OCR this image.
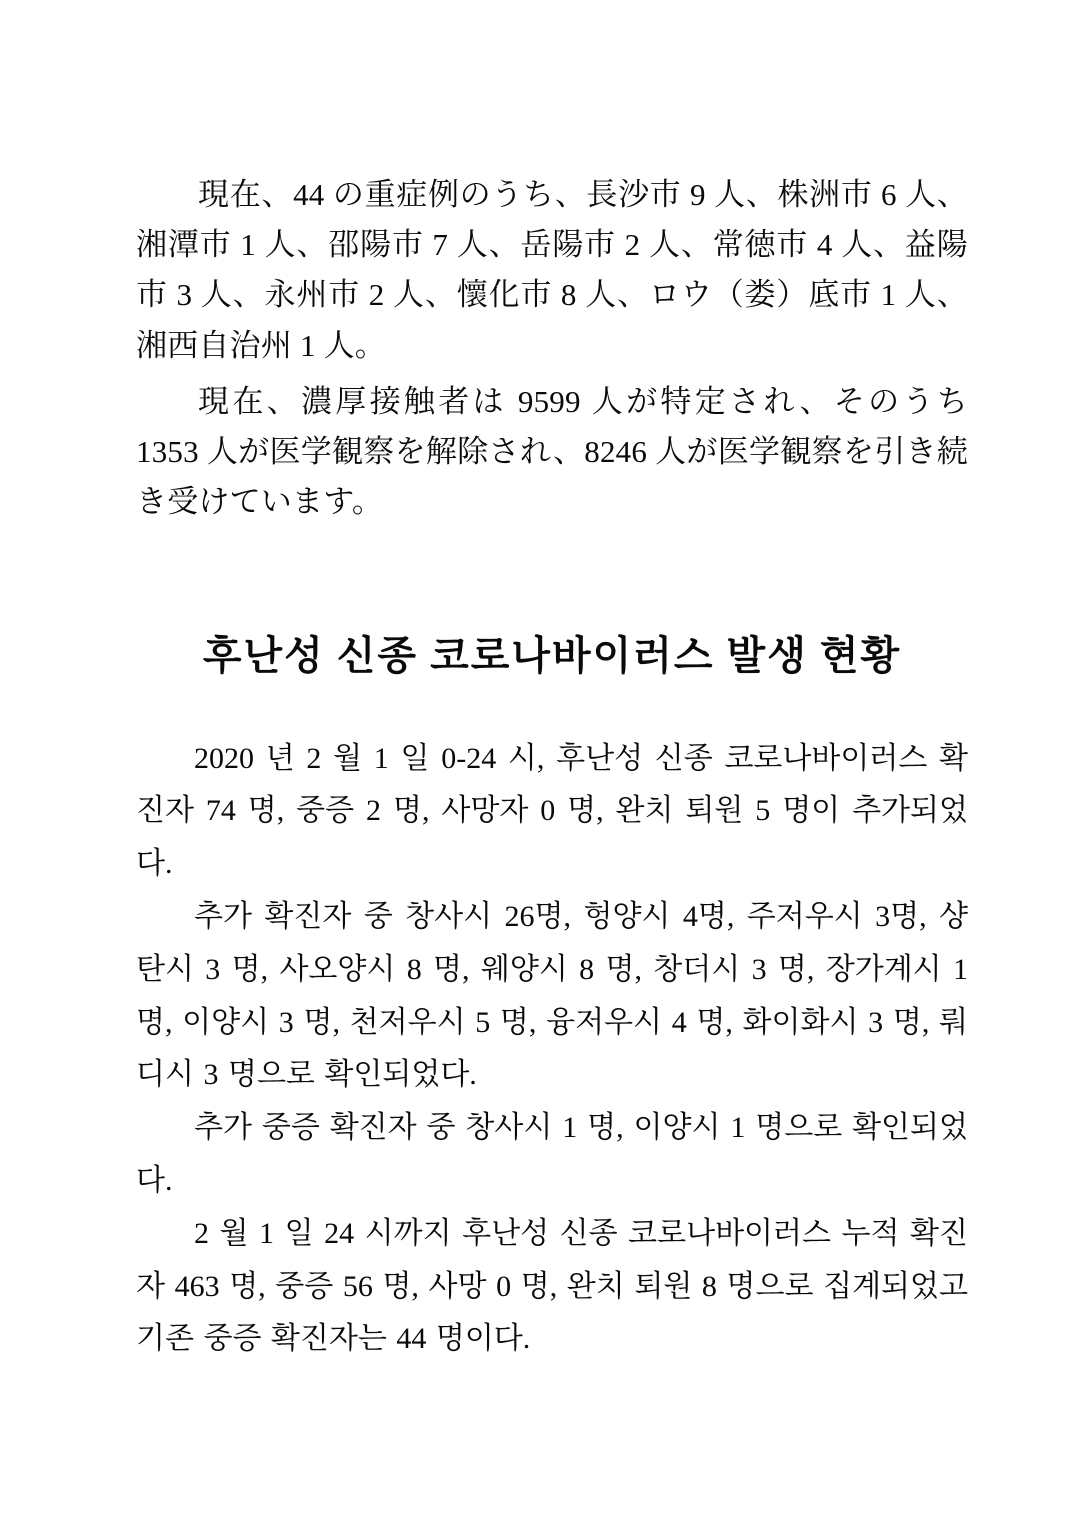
現在、44 の重症例のうち、長沙市 9 人、株洲市 6 人、湘潭市 1 人、邵陽市 7 人、岳陽市 2 人、常徳市 4 人、益陽市 3 人、永州市 2 人、懷化市 8 人、ロウ（娄）底市 1 人、湘西自治州 1 人。

現在、濃厚接触者は 9599 人が特定され、そのうち 1353 人が医学観察を解除され、8246 人が医学観察を引き続き受けています。

후난성 신종 코로나바이러스 발생 현황

2020 년 2 월 1 일 0-24 시, 후난성 신종 코로나바이러스 확진자 74 명, 중증 2 명, 사망자 0 명, 완치 퇴원 5 명이 추가되었다.

추가 확진자 중 창사시 26명, 헝양시 4명, 주저우시 3명, 샹탄시 3 명, 사오양시 8 명, 웨양시 8 명, 창더시 3 명, 장가계시 1 명, 이양시 3 명, 천저우시 5 명, 융저우시 4 명, 화이화시 3 명, 뤄디시 3 명으로 확인되었다.

추가 중증 확진자 중 창사시 1 명, 이양시 1 명으로 확인되었다.

2 월 1 일 24 시까지 후난성 신종 코로나바이러스 누적 확진자 463 명, 중증 56 명, 사망 0 명, 완치 퇴원 8 명으로 집계되었고 기존 중증 확진자는 44 명이다.
